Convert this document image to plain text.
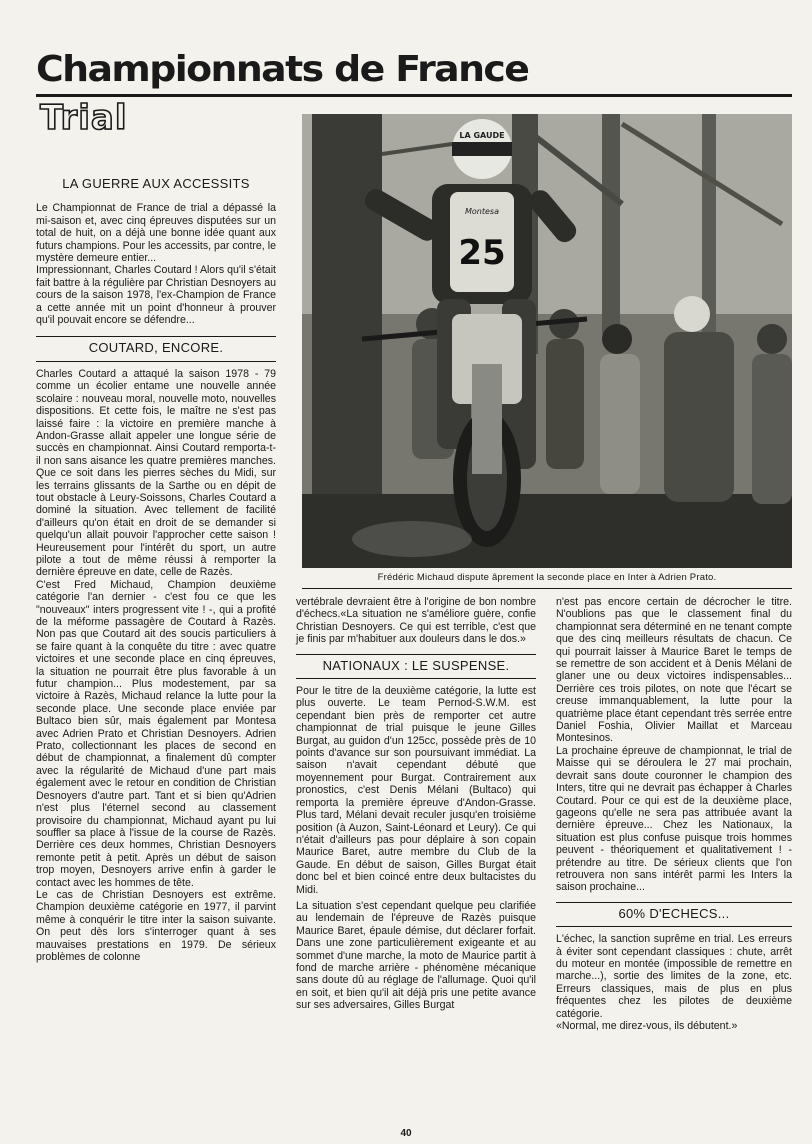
Championnats de France
Trial	LA GAUDE
Montesa
25
Frédéric Michaud dispute âprement la seconde place en Inter à Adrien Prato.
LA GUERRE AUX ACCESSITS

Le Championnat de France de trial a dépassé la mi-saison et, avec cinq épreuves disputées sur un total de huit, on a déjà une bonne idée quant aux futurs champions. Pour les accessits, par contre, le mystère demeure entier...

Impressionnant, Charles Coutard ! Alors qu'il s'était fait battre à la régulière par Christian Desnoyers au cours de la saison 1978, l'ex-Champion de France a cette année mit un point d'honneur à prouver qu'il pouvait encore se défendre...

COUTARD, ENCORE.

Charles Coutard a attaqué la saison 1978 - 79 comme un écolier entame une nouvelle année scolaire : nouveau moral, nouvelle moto, nouvelles dispositions. Et cette fois, le maître ne s'est pas laissé faire : la victoire en première manche à Andon-Grasse allait appeler une longue série de succès en championnat. Ainsi Coutard remporta-t-il non sans aisance les quatre premières manches. Que ce soit dans les pierres sèches du Midi, sur les terrains glissants de la Sarthe ou en dépit de tout obstacle à Leury-Soissons, Charles Coutard a dominé la situation. Avec tellement de facilité d'ailleurs qu'on était en droit de se demander si quelqu'un allait pouvoir l'approcher cette saison ! Heureusement pour l'intérêt du sport, un autre pilote a tout de même réussi à remporter la dernière épreuve en date, celle de Razès.

C'est Fred Michaud, Champion deuxième catégorie l'an dernier - c'est fou ce que les "nouveaux" inters progressent vite ! -, qui a profité de la méforme passagère de Coutard à Razès. Non pas que Coutard ait des soucis particuliers à se faire quant à la conquête du titre : avec quatre victoires et une seconde place en cinq épreuves, la situation ne pourrait être plus favorable à un futur champion... Plus modestement, par sa victoire à Razès, Michaud relance la lutte pour la seconde place. Une seconde place enviée par Bultaco bien sûr, mais également par Montesa avec Adrien Prato et Christian Desnoyers. Adrien Prato, collectionnant les places de second en début de championnat, a finalement dû compter avec la régularité de Michaud d'une part mais également avec le retour en condition de Christian Desnoyers d'autre part. Tant et si bien qu'Adrien n'est plus l'éternel second au classement provisoire du championnat, Michaud ayant pu lui souffler sa place à l'issue de la course de Razès. Derrière ces deux hommes, Christian Desnoyers remonte petit à petit. Après un début de saison trop moyen, Desnoyers arrive enfin à garder le contact avec les hommes de tête.

Le cas de Christian Desnoyers est extrême. Champion deuxième catégorie en 1977, il parvint même à conquérir le titre inter la saison suivante. On peut dès lors s'interroger quant à ses mauvaises prestations en 1979. De sérieux problèmes de colonne

vertébrale devraient être à l'origine de bon nombre d'échecs.«La situation ne s'améliore guère, confie Christian Desnoyers. Ce qui est terrible, c'est que je finis par m'habituer aux douleurs dans le dos.»

NATIONAUX : LE SUSPENSE.

Pour le titre de la deuxième catégorie, la lutte est plus ouverte. Le team Pernod-S.W.M. est cependant bien près de remporter cet autre championnat de trial puisque le jeune Gilles Burgat, au guidon d'un 125cc, possède près de 10 points d'avance sur son poursuivant immédiat. La saison n'avait cependant débuté que moyennement pour Burgat. Contrairement aux pronostics, c'est Denis Mélani (Bultaco) qui remporta la première épreuve d'Andon-Grasse. Plus tard, Mélani devait reculer jusqu'en troisième position (à Auzon, Saint-Léonard et Leury). Ce qui n'était d'ailleurs pas pour déplaire à son copain Maurice Baret, autre membre du Club de la Gaude. En début de saison, Gilles Burgat était donc bel et bien coincé entre deux bultacistes du Midi.

La situation s'est cependant quelque peu clarifiée au lendemain de l'épreuve de Razès puisque Maurice Baret, épaule démise, dut déclarer forfait. Dans une zone particulièrement exigeante et au sommet d'une marche, la moto de Maurice partit à fond de marche arrière - phénomène mécanique sans doute dû au réglage de l'allumage. Quoi qu'il en soit, et bien qu'il ait déjà pris une petite avance sur ses adversaires, Gilles Burgat

n'est pas encore certain de décrocher le titre. N'oublions pas que le classement final du championnat sera déterminé en ne tenant compte que des cinq meilleurs résultats de chacun. Ce qui pourrait laisser à Maurice Baret le temps de se remettre de son accident et à Denis Mélani de glaner une ou deux victoires indispensables... Derrière ces trois pilotes, on note que l'écart se creuse immanquablement, la lutte pour la quatrième place étant cependant très serrée entre Daniel Foshia, Olivier Maillat et Marceau Montesinos.

La prochaine épreuve de championnat, le trial de Maisse qui se déroulera le 27 mai prochain, devrait sans doute couronner le champion des Inters, titre qui ne devrait pas échapper à Charles Coutard. Pour ce qui est de la deuxième place, gageons qu'elle ne sera pas attribuée avant la dernière épreuve... Chez les Nationaux, la situation est plus confuse puisque trois hommes peuvent - théoriquement et qualitativement ! - prétendre au titre. De sérieux clients que l'on retrouvera non sans intérêt parmi les Inters la saison prochaine...

60% D'ECHECS...

L'échec, la sanction suprême en trial. Les erreurs à éviter sont cependant classiques : chute, arrêt du moteur en montée (impossible de remettre en marche...), sortie des limites de la zone, etc. Erreurs classiques, mais de plus en plus fréquentes chez les pilotes de deuxième catégorie.

«Normal, me direz-vous, ils débutent.»

40
